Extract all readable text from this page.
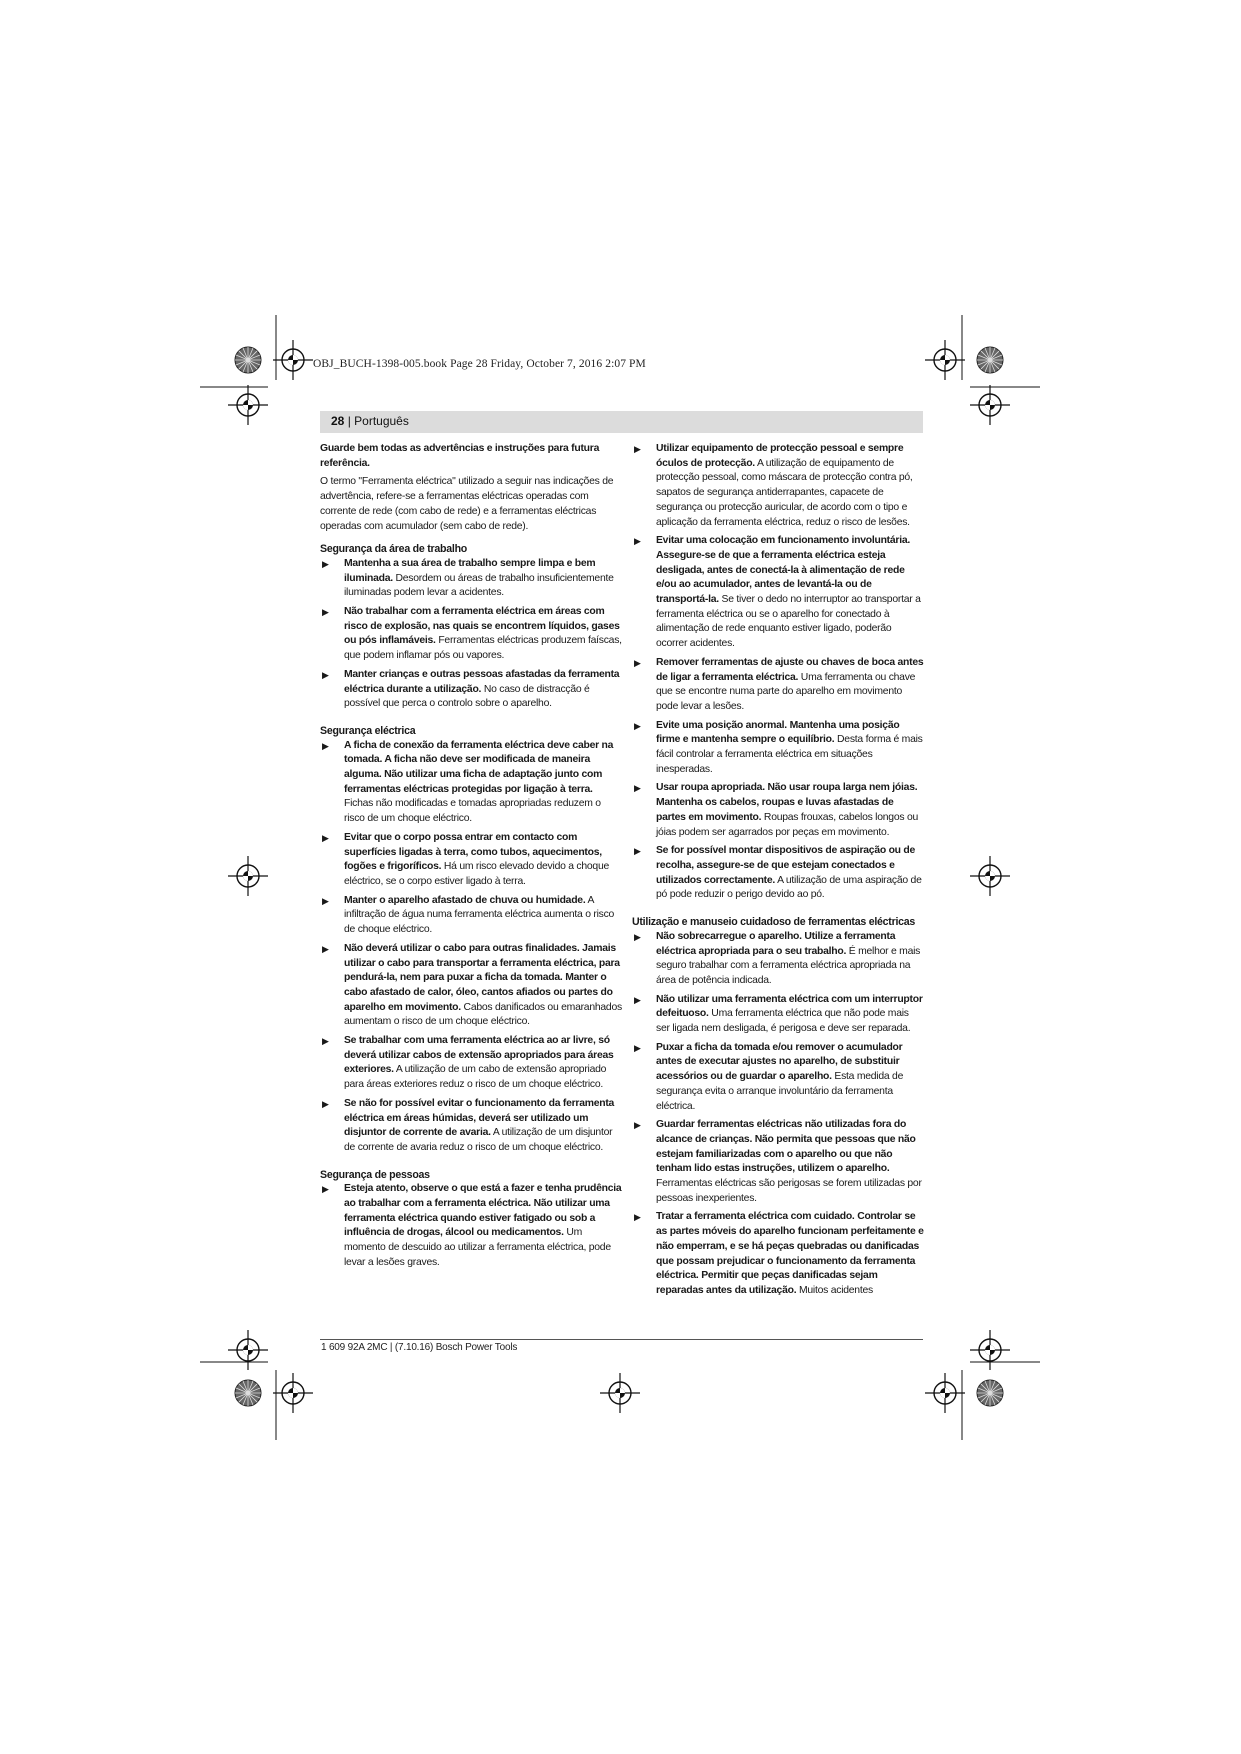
OBJ_BUCH-1398-005.book Page 28 Friday, October 7, 2016 2:07 PM
28 | Português

Guarde bem todas as advertências e instruções para futura referência.

O termo "Ferramenta eléctrica" utilizado a seguir nas indicações de advertência, refere-se a ferramentas eléctricas operadas com corrente de rede (com cabo de rede) e a ferramentas eléctricas operadas com acumulador (sem cabo de rede).

Segurança da área de trabalho
▶ Mantenha a sua área de trabalho sempre limpa e bem iluminada. Desordem ou áreas de trabalho insuficientemente iluminadas podem levar a acidentes.
▶ Não trabalhar com a ferramenta eléctrica em áreas com risco de explosão, nas quais se encontrem líquidos, gases ou pós inflamáveis. Ferramentas eléctricas produzem faíscas, que podem inflamar pós ou vapores.
▶ Manter crianças e outras pessoas afastadas da ferramenta eléctrica durante a utilização. No caso de distracção é possível que perca o controlo sobre o aparelho.
Segurança eléctrica
▶ A ficha de conexão da ferramenta eléctrica deve caber na tomada. A ficha não deve ser modificada de maneira alguma. Não utilizar uma ficha de adaptação junto com ferramentas eléctricas protegidas por ligação à terra. Fichas não modificadas e tomadas apropriadas reduzem o risco de um choque eléctrico.
▶ Evitar que o corpo possa entrar em contacto com superfícies ligadas à terra, como tubos, aquecimentos, fogões e frigoríficos. Há um risco elevado devido a choque eléctrico, se o corpo estiver ligado à terra.
▶ Manter o aparelho afastado de chuva ou humidade. A infiltração de água numa ferramenta eléctrica aumenta o risco de choque eléctrico.
▶ Não deverá utilizar o cabo para outras finalidades. Jamais utilizar o cabo para transportar a ferramenta eléctrica, para pendurá-la, nem para puxar a ficha da tomada. Manter o cabo afastado de calor, óleo, cantos afiados ou partes do aparelho em movimento. Cabos danificados ou emaranhados aumentam o risco de um choque eléctrico.
▶ Se trabalhar com uma ferramenta eléctrica ao ar livre, só deverá utilizar cabos de extensão apropriados para áreas exteriores. A utilização de um cabo de extensão apropriado para áreas exteriores reduz o risco de um choque eléctrico.
▶ Se não for possível evitar o funcionamento da ferramenta eléctrica em áreas húmidas, deverá ser utilizado um disjuntor de corrente de avaria. A utilização de um disjuntor de corrente de avaria reduz o risco de um choque eléctrico.
Segurança de pessoas
▶ Esteja atento, observe o que está a fazer e tenha prudência ao trabalhar com a ferramenta eléctrica. Não utilizar uma ferramenta eléctrica quando estiver fatigado ou sob a influência de drogas, álcool ou medicamentos. Um momento de descuido ao utilizar a ferramenta eléctrica, pode levar a lesões graves.
▶ Utilizar equipamento de protecção pessoal e sempre óculos de protecção. A utilização de equipamento de protecção pessoal, como máscara de protecção contra pó, sapatos de segurança antiderrapantes, capacete de segurança ou protecção auricular, de acordo com o tipo e aplicação da ferramenta eléctrica, reduz o risco de lesões.
▶ Evitar uma colocação em funcionamento involuntária. Assegure-se de que a ferramenta eléctrica esteja desligada, antes de conectá-la à alimentação de rede e/ou ao acumulador, antes de levantá-la ou de transportá-la. Se tiver o dedo no interruptor ao transportar a ferramenta eléctrica ou se o aparelho for conectado à alimentação de rede enquanto estiver ligado, poderão ocorrer acidentes.
▶ Remover ferramentas de ajuste ou chaves de boca antes de ligar a ferramenta eléctrica. Uma ferramenta ou chave que se encontre numa parte do aparelho em movimento pode levar a lesões.
▶ Evite uma posição anormal. Mantenha uma posição firme e mantenha sempre o equilíbrio. Desta forma é mais fácil controlar a ferramenta eléctrica em situações inesperadas.
▶ Usar roupa apropriada. Não usar roupa larga nem jóias. Mantenha os cabelos, roupas e luvas afastadas de partes em movimento. Roupas frouxas, cabelos longos ou jóias podem ser agarrados por peças em movimento.
▶ Se for possível montar dispositivos de aspiração ou de recolha, assegure-se de que estejam conectados e utilizados correctamente. A utilização de uma aspiração de pó pode reduzir o perigo devido ao pó.
Utilização e manuseio cuidadoso de ferramentas eléctricas
▶ Não sobrecarregue o aparelho. Utilize a ferramenta eléctrica apropriada para o seu trabalho. É melhor e mais seguro trabalhar com a ferramenta eléctrica apropriada na área de potência indicada.
▶ Não utilizar uma ferramenta eléctrica com um interruptor defeituoso. Uma ferramenta eléctrica que não pode mais ser ligada nem desligada, é perigosa e deve ser reparada.
▶ Puxar a ficha da tomada e/ou remover o acumulador antes de executar ajustes no aparelho, de substituir acessórios ou de guardar o aparelho. Esta medida de segurança evita o arranque involuntário da ferramenta eléctrica.
▶ Guardar ferramentas eléctricas não utilizadas fora do alcance de crianças. Não permita que pessoas que não estejam familiarizadas com o aparelho ou que não tenham lido estas instruções, utilizem o aparelho. Ferramentas eléctricas são perigosas se forem utilizadas por pessoas inexperientes.
▶ Tratar a ferramenta eléctrica com cuidado. Controlar se as partes móveis do aparelho funcionam perfeitamente e não emperram, e se há peças quebradas ou danificadas que possam prejudicar o funcionamento da ferramenta eléctrica. Permitir que peças danificadas sejam reparadas antes da utilização. Muitos acidentes
1 609 92A 2MC | (7.10.16) Bosch Power Tools
